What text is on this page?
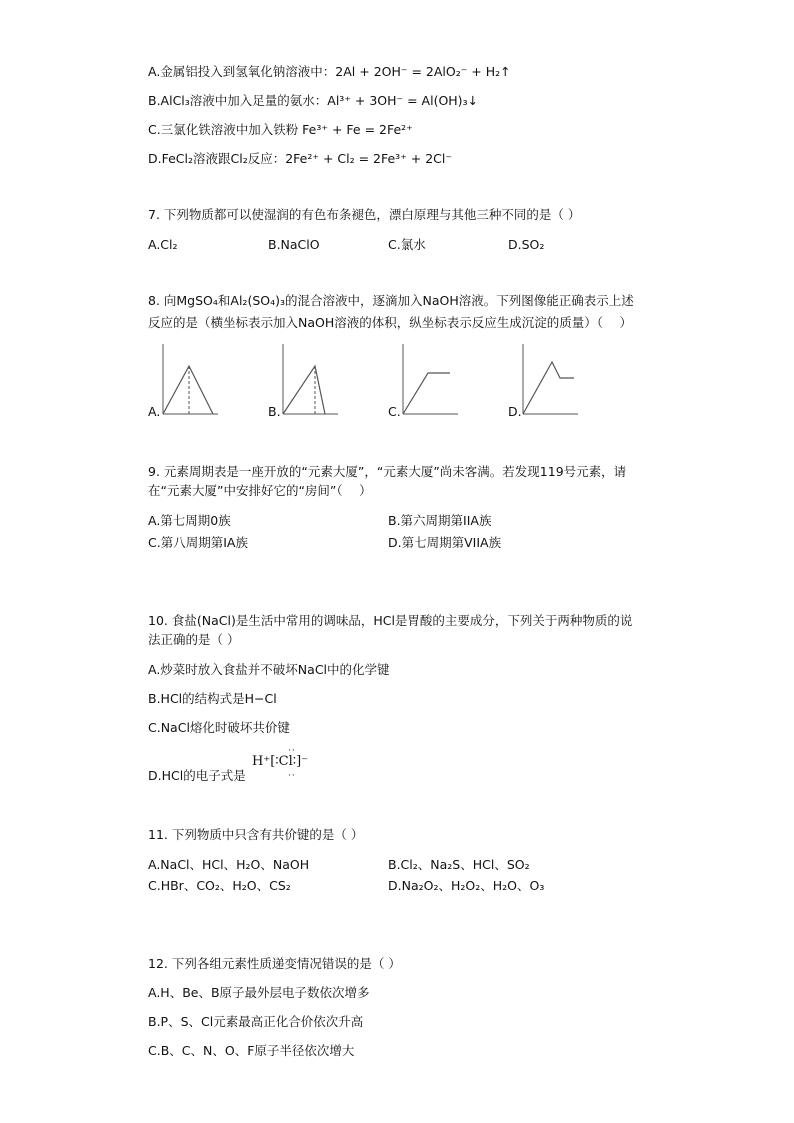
A.金属铝投入到氢氧化钠溶液中：2Al + 2OH⁻ = 2AlO₂⁻ + H₂↑
B.AlCl₃溶液中加入足量的氨水：Al³⁺ + 3OH⁻ = Al(OH)₃↓
C.三氯化铁溶液中加入铁粉 Fe³⁺ + Fe = 2Fe²⁺
D.FeCl₂溶液跟Cl₂反应：2Fe²⁺ + Cl₂ = 2Fe³⁺ + 2Cl⁻
7. 下列物质都可以使湿润的有色布条褪色，漂白原理与其他三种不同的是（ ）
A.Cl₂	B.NaClO	C.氯水	D.SO₂
8. 向MgSO₄和Al₂(SO₄)₃的混合溶液中，逐滴加入NaOH溶液。下列图像能正确表示上述
反应的是（横坐标表示加入NaOH溶液的体积，纵坐标表示反应生成沉淀的质量）（　 ）
A.	B.	C.	D.
9. 元素周期表是一座开放的“元素大厦”，“元素大厦”尚未客满。若发现119号元素，请
在“元素大厦”中安排好它的“房间”（　 ）
A.第七周期0族	B.第六周期第IIA族
C.第八周期第IA族	D.第七周期第VIIA族
10. 食盐(NaCl)是生活中常用的调味品，HCl是胃酸的主要成分，下列关于两种物质的说
法正确的是（ ）
A.炒菜时放入食盐并不破坏NaCl中的化学键
B.HCl的结构式是H−Cl
C.NaCl熔化时破坏共价键
D.HCl的电子式是
H⁺[∶Cl∶]⁻
··
··
11. 下列物质中只含有共价键的是（ ）
A.NaCl、HCl、H₂O、NaOH	B.Cl₂、Na₂S、HCl、SO₂
C.HBr、CO₂、H₂O、CS₂	D.Na₂O₂、H₂O₂、H₂O、O₃
12. 下列各组元素性质递变情况错误的是（ ）
A.H、Be、B原子最外层电子数依次增多
B.P、S、Cl元素最高正化合价依次升高
C.B、C、N、O、F原子半径依次增大
